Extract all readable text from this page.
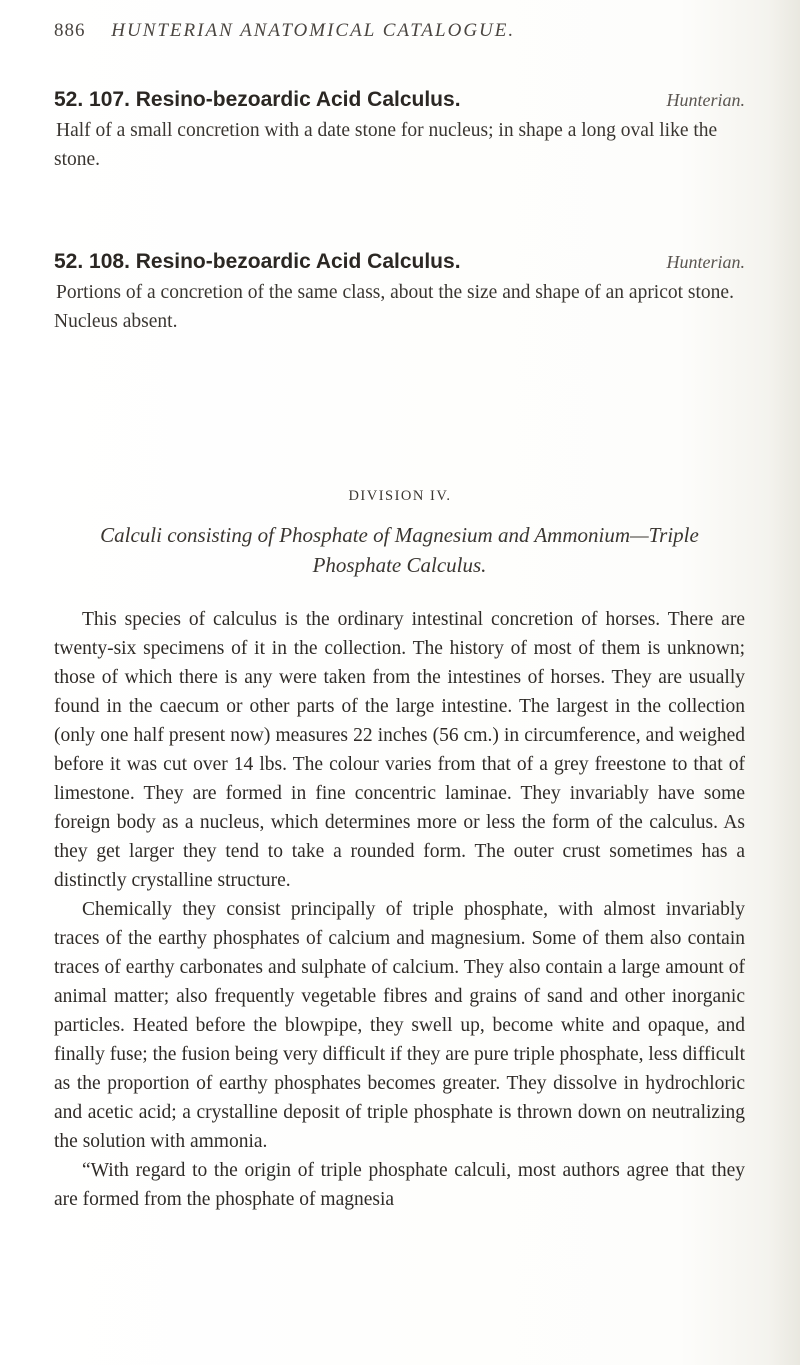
886 HUNTERIAN ANATOMICAL CATALOGUE.
52. 107. Resino-bezoardic Acid Calculus.	Hunterian.

Half of a small concretion with a date stone for nucleus; in shape a long oval like the stone.

52. 108. Resino-bezoardic Acid Calculus.	Hunterian.

Portions of a concretion of the same class, about the size and shape of an apricot stone. Nucleus absent.

DIVISION IV.
Calculi consisting of Phosphate of Magnesium and Ammonium—Triple Phosphate Calculus.

This species of calculus is the ordinary intestinal concretion of horses. There are twenty-six specimens of it in the collection. The history of most of them is unknown; those of which there is any were taken from the intestines of horses. They are usually found in the caecum or other parts of the large intestine. The largest in the collection (only one half present now) measures 22 inches (56 cm.) in circumference, and weighed before it was cut over 14 lbs. The colour varies from that of a grey freestone to that of limestone. They are formed in fine concentric laminae. They invariably have some foreign body as a nucleus, which determines more or less the form of the calculus. As they get larger they tend to take a rounded form. The outer crust sometimes has a distinctly crystalline structure.

Chemically they consist principally of triple phosphate, with almost invariably traces of the earthy phosphates of calcium and magnesium. Some of them also contain traces of earthy carbonates and sulphate of calcium. They also contain a large amount of animal matter; also frequently vegetable fibres and grains of sand and other inorganic particles. Heated before the blowpipe, they swell up, become white and opaque, and finally fuse; the fusion being very difficult if they are pure triple phosphate, less difficult as the proportion of earthy phosphates becomes greater. They dissolve in hydrochloric and acetic acid; a crystalline deposit of triple phosphate is thrown down on neutralizing the solution with ammonia.

“With regard to the origin of triple phosphate calculi, most authors agree that they are formed from the phosphate of magnesia
